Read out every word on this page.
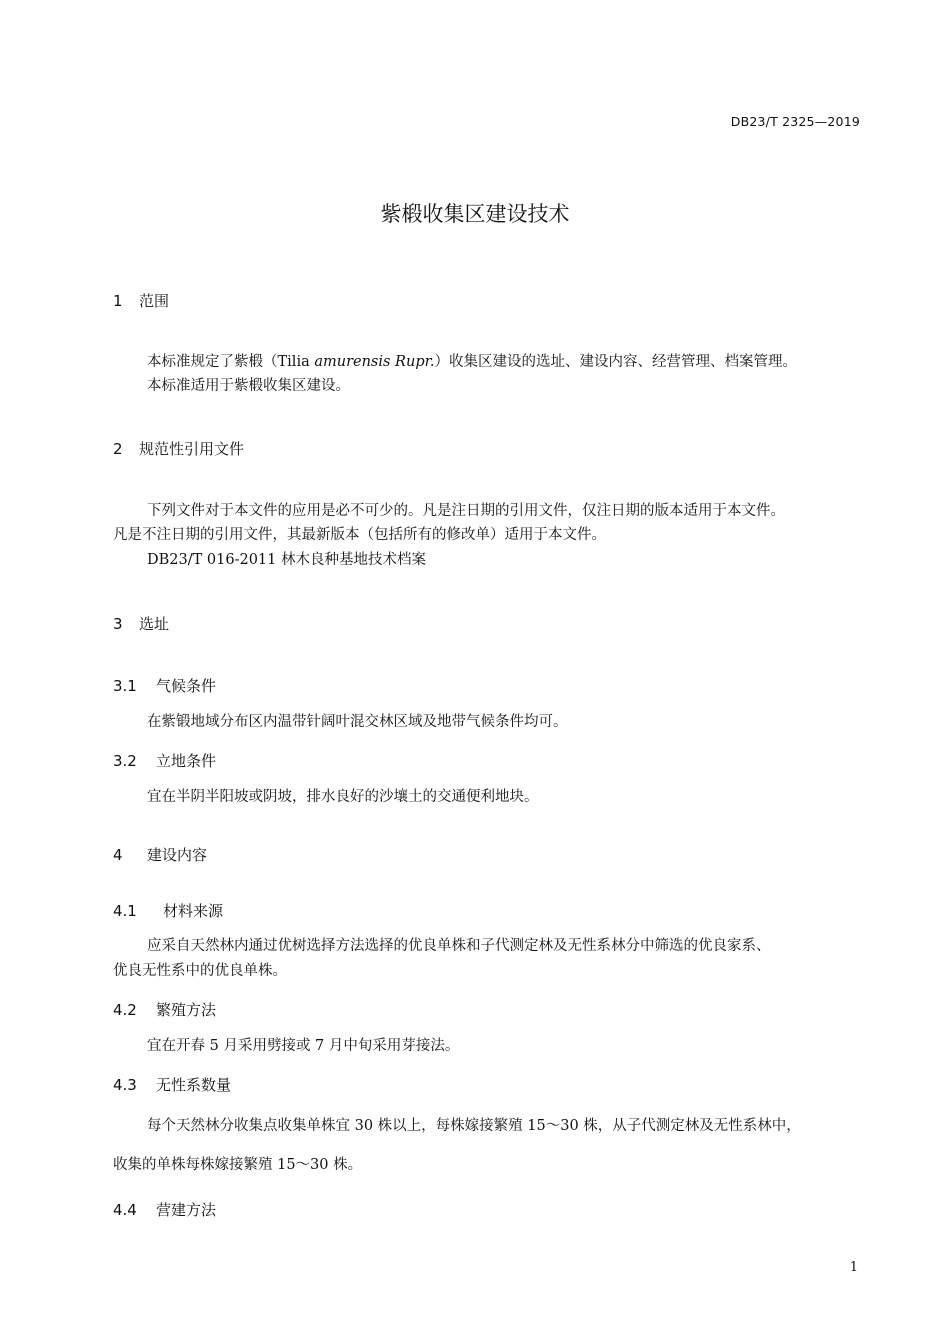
DB23/T 2325—2019
紫椴收集区建设技术
1 范围
本标准规定了紫椴（Tilia amurensis Rupr.）收集区建设的选址、建设内容、经营管理、档案管理。
本标准适用于紫椴收集区建设。
2 规范性引用文件
下列文件对于本文件的应用是必不可少的。凡是注日期的引用文件，仅注日期的版本适用于本文件。
凡是不注日期的引用文件，其最新版本（包括所有的修改单）适用于本文件。
DB23/T 016-2011 林木良种基地技术档案
3 选址
3.1 气候条件
在紫锻地域分布区内温带针阔叶混交林区域及地带气候条件均可。
3.2 立地条件
宜在半阴半阳坡或阴坡，排水良好的沙壤土的交通便利地块。
4 建设内容
4.1 材料来源
应采自天然林内通过优树选择方法选择的优良单株和子代测定林及无性系林分中筛选的优良家系、
优良无性系中的优良单株。
4.2 繁殖方法
宜在开春 5 月采用劈接或 7 月中旬采用芽接法。
4.3 无性系数量
每个天然林分收集点收集单株宜 30 株以上，每株嫁接繁殖 15～30 株，从子代测定林及无性系林中，
收集的单株每株嫁接繁殖 15～30 株。
4.4 营建方法
1
